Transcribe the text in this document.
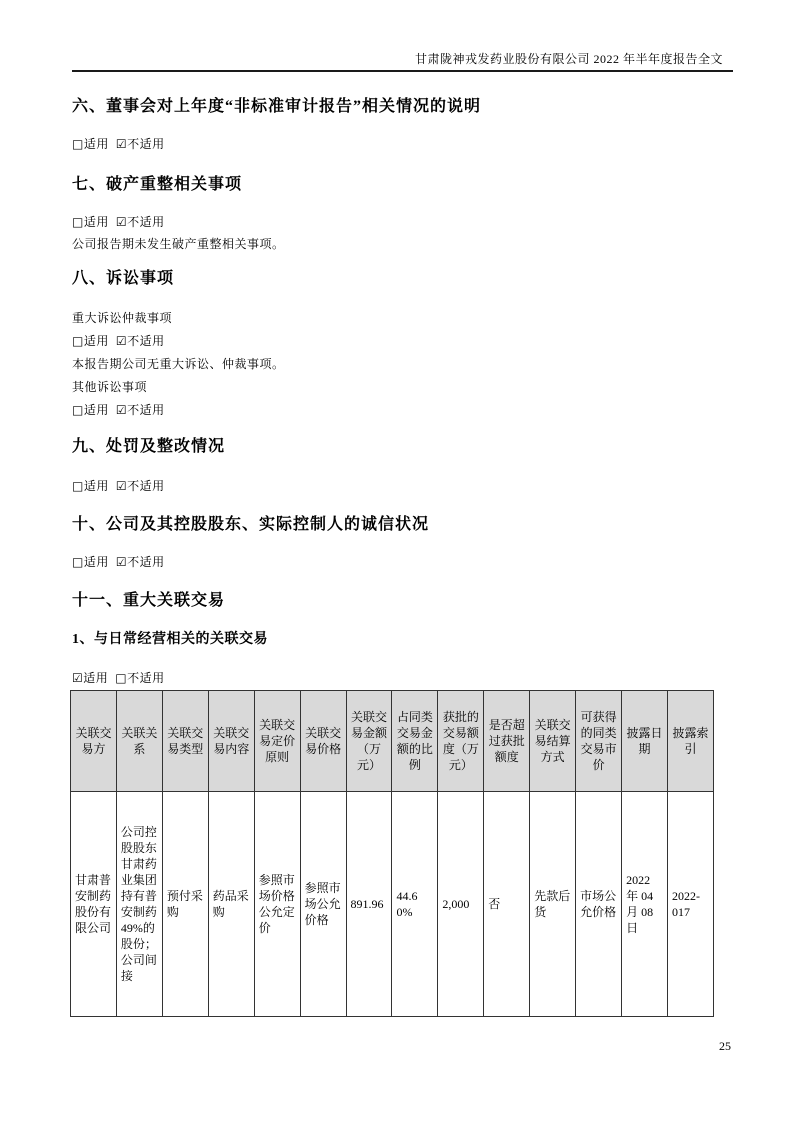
甘肃陇神戎发药业股份有限公司 2022 年半年度报告全文
六、董事会对上年度“非标准审计报告”相关情况的说明
□适用 ☑不适用
七、破产重整相关事项
□适用 ☑不适用
公司报告期未发生破产重整相关事项。
八、诉讼事项
重大诉讼仲裁事项
□适用 ☑不适用
本报告期公司无重大诉讼、仲裁事项。
其他诉讼事项
□适用 ☑不适用
九、处罚及整改情况
□适用 ☑不适用
十、公司及其控股股东、实际控制人的诚信状况
□适用 ☑不适用
十一、重大关联交易
1、与日常经营相关的关联交易
☑适用 □不适用
关联交易方	关联关系	关联交易类型	关联交易内容	关联交易定价原则	关联交易价格	关联交易金额（万元）	占同类交易金额的比例	获批的交易额度（万元）	是否超过获批额度	关联交易结算方式	可获得的同类交易市价	披露日期	披露索引
甘肃普安制药股份有限公司	公司控股股东甘肃药业集团持有普安制药49%的股份；公司间接	预付采购	药品采购	参照市场价格公允定价	参照市场公允价格	891.96	44.60%	2,000	否	先款后货	市场公允价格	2022 年 04 月 08 日	2022-017
25
